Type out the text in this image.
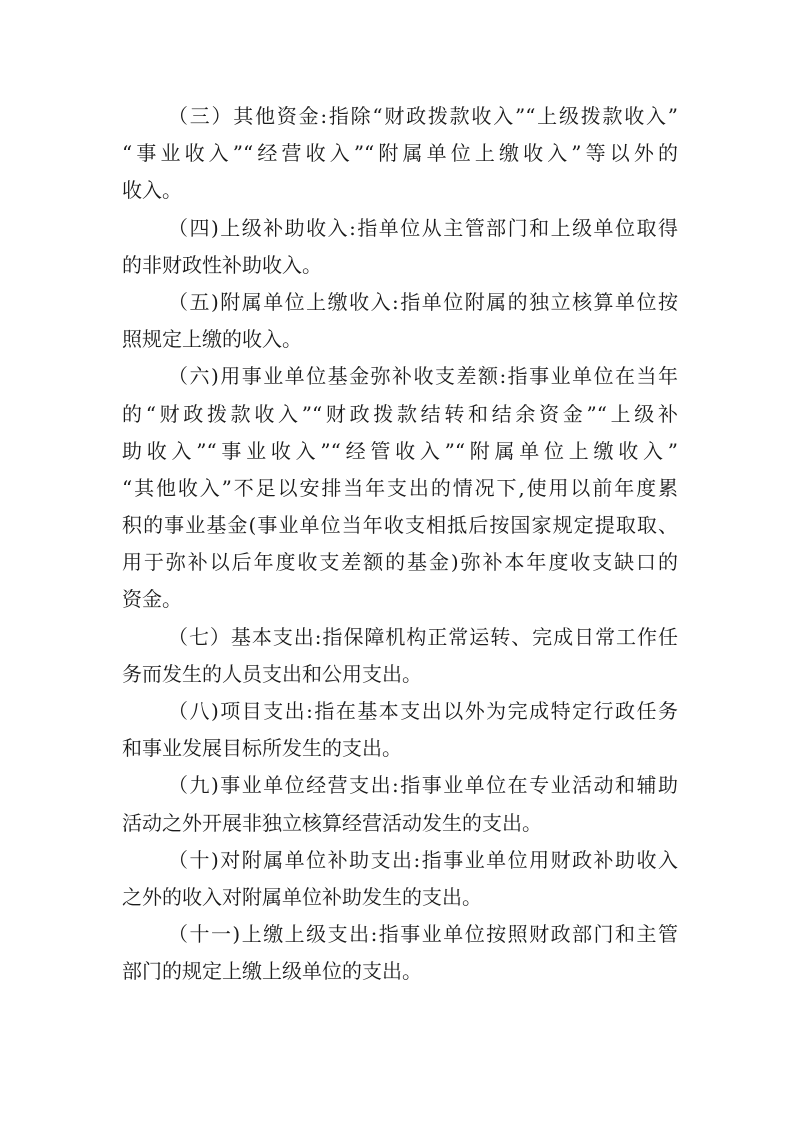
（三）其他资金:指除“财政拨款收入”“上级拨款收入”
“事业收入”“经营收入”“附属单位上缴收入”等以外的
收入。
（四)上级补助收入:指单位从主管部门和上级单位取得
的非财政性补助收入。
（五)附属单位上缴收入:指单位附属的独立核算单位按
照规定上缴的收入。
（六)用事业单位基金弥补收支差额:指事业单位在当年
的“财政拨款收入”“财政拨款结转和结余资金”“上级补
助收入”“事业收入”“经管收入”“附属单位上缴收入”
“其他收入”不足以安排当年支出的情况下,使用以前年度累
积的事业基金(事业单位当年收支相抵后按国家规定提取取、
用于弥补以后年度收支差额的基金)弥补本年度收支缺口的
资金。
（七）基本支出:指保障机构正常运转、完成日常工作任
务而发生的人员支出和公用支出。
（八)项目支出:指在基本支出以外为完成特定行政任务
和事业发展目标所发生的支出。
（九)事业单位经营支出:指事业单位在专业活动和辅助
活动之外开展非独立核算经营活动发生的支出。
（十)对附属单位补助支出:指事业单位用财政补助收入
之外的收入对附属单位补助发生的支出。
（十一)上缴上级支出:指事业单位按照财政部门和主管
部门的规定上缴上级单位的支出。
